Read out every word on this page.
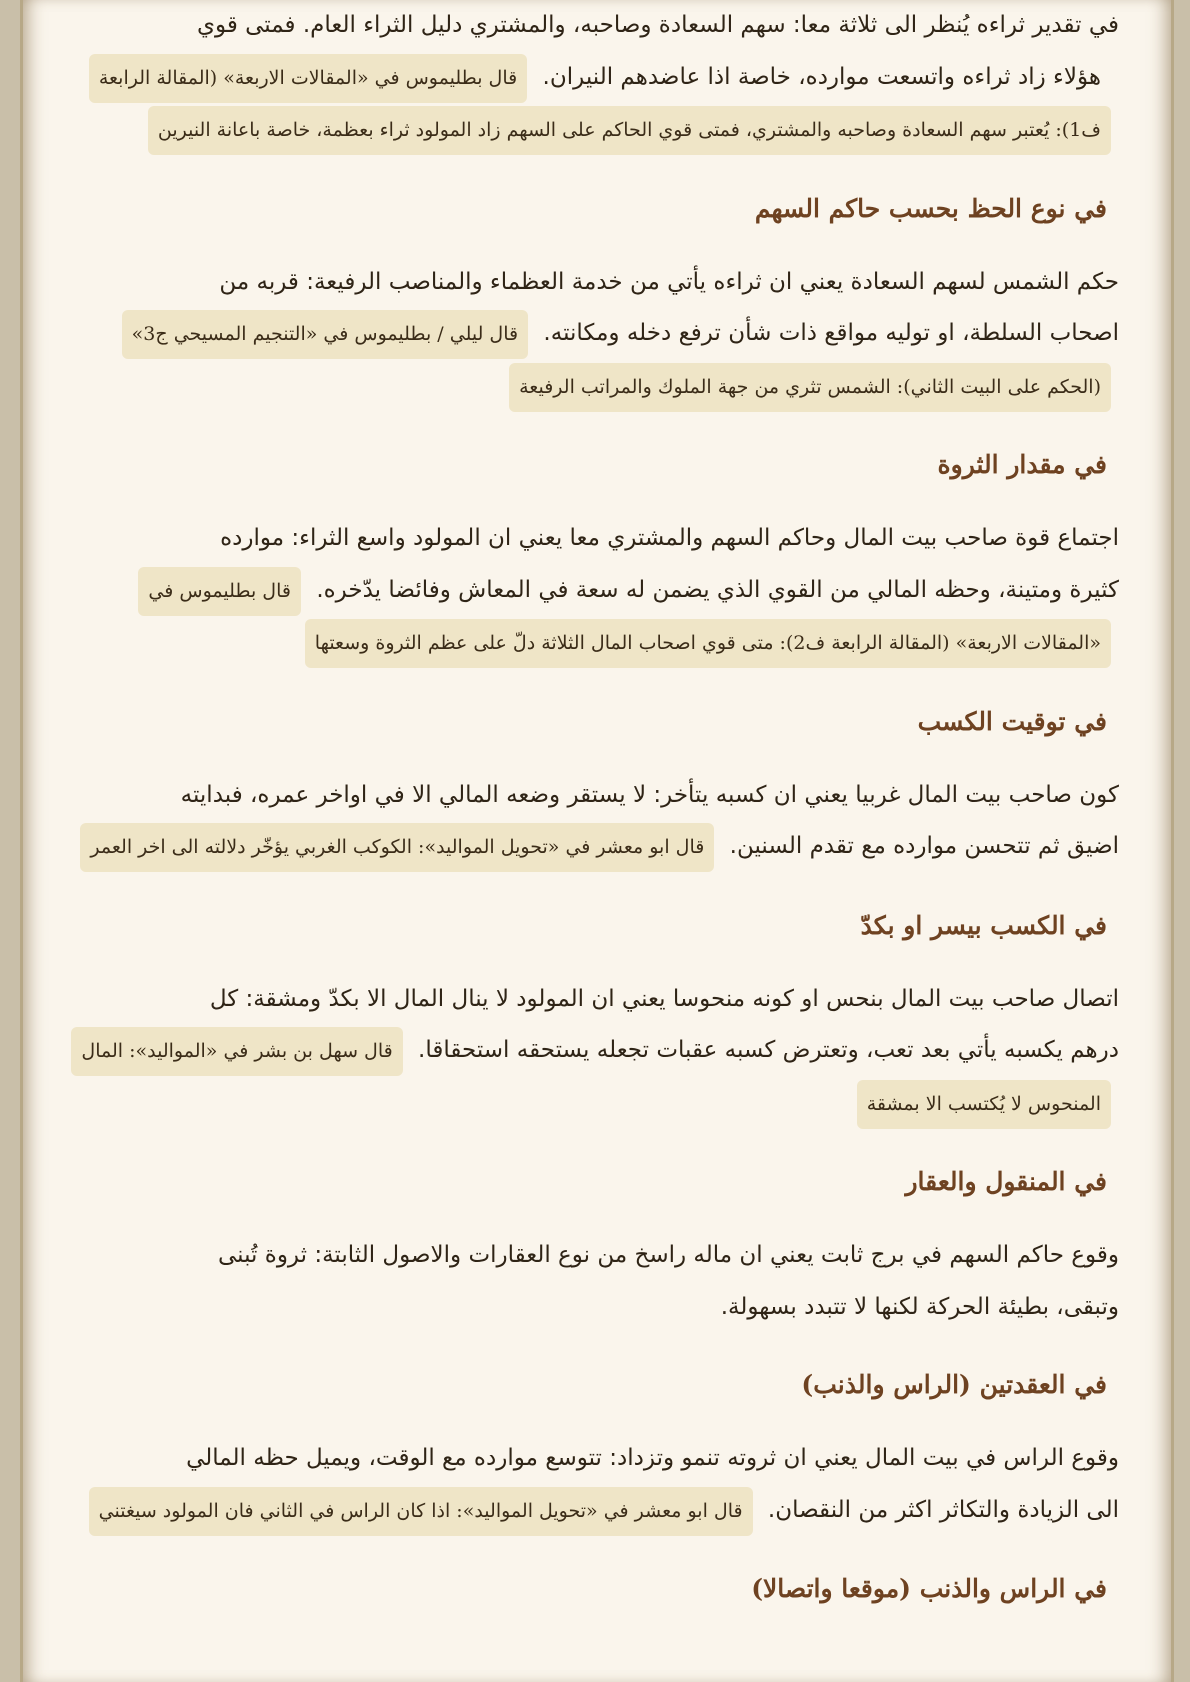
في تقدير ثراءه يُنظر الى ثلاثة معا: سهم السعادة وصاحبه، والمشتري دليل الثراء العام. فمتى قوي
هؤلاء زاد ثراءه واتسعت موارده، خاصة اذا عاضدهم النيران. قال بطليموس في «المقالات الاربعة» (المقالة الرابعة ف1): يُعتبر سهم السعادة وصاحبه والمشتري، فمتى قوي الحاكم على السهم زاد المولود ثراء بعظمة، خاصة باعانة النيرين

في نوع الحظ بحسب حاكم السهم

حكم الشمس لسهم السعادة يعني ان ثراءه يأتي من خدمة العظماء والمناصب الرفيعة: قربه من
اصحاب السلطة، او توليه مواقع ذات شأن ترفع دخله ومكانته. قال ليلي / بطليموس في «التنجيم المسيحي ج3» (الحكم على البيت الثاني): الشمس تثري من جهة الملوك والمراتب الرفيعة

في مقدار الثروة

اجتماع قوة صاحب بيت المال وحاكم السهم والمشتري معا يعني ان المولود واسع الثراء: موارده
كثيرة ومتينة، وحظه المالي من القوي الذي يضمن له سعة في المعاش وفائضا يدّخره. قال بطليموس في «المقالات الاربعة» (المقالة الرابعة ف2): متى قوي اصحاب المال الثلاثة دلّ على عظم الثروة وسعتها

في توقيت الكسب

كون صاحب بيت المال غربيا يعني ان كسبه يتأخر: لا يستقر وضعه المالي الا في اواخر عمره، فبدايته
اضيق ثم تتحسن موارده مع تقدم السنين. قال ابو معشر في «تحويل المواليد»: الكوكب الغربي يؤخّر دلالته الى اخر العمر

في الكسب بيسر او بكدّ

اتصال صاحب بيت المال بنحس او كونه منحوسا يعني ان المولود لا ينال المال الا بكدّ ومشقة: كل
درهم يكسبه يأتي بعد تعب، وتعترض كسبه عقبات تجعله يستحقه استحقاقا. قال سهل بن بشر في «المواليد»: المال المنحوس لا يُكتسب الا بمشقة

في المنقول والعقار

وقوع حاكم السهم في برج ثابت يعني ان ماله راسخ من نوع العقارات والاصول الثابتة: ثروة تُبنى
وتبقى، بطيئة الحركة لكنها لا تتبدد بسهولة.

في العقدتين (الراس والذنب)

وقوع الراس في بيت المال يعني ان ثروته تنمو وتزداد: تتوسع موارده مع الوقت، ويميل حظه المالي
الى الزيادة والتكاثر اكثر من النقصان. قال ابو معشر في «تحويل المواليد»: اذا كان الراس في الثاني فان المولود سيغتني

في الراس والذنب (موقعا واتصالا)
